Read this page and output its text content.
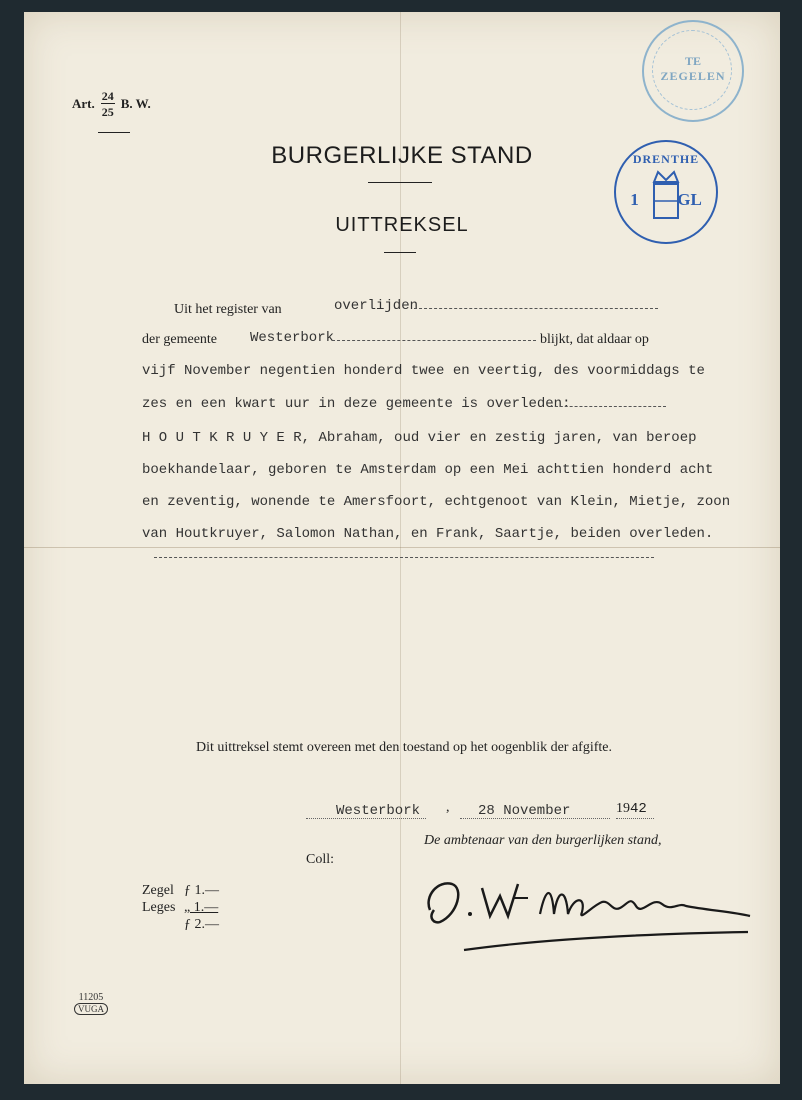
Art. $\frac{24}{25} B$. W.
BURGERLIJKE STAND
UITTREKSEL
TE
ZEGELEN
DRENTHE
1 GL
Uit het register van	overlijden
der gemeente Westerbork	blijkt, dat aldaar op
vijf November negentien honderd twee en veertig, des voormiddags te
zes en een kwart uur in deze gemeente is overleden:
H O U T K R U Y E R, Abraham, oud vier en zestig jaren, van beroep
boekhandelaar, geboren te Amsterdam op een Mei achttien honderd acht
en zeventig, wonende te Amersfoort, echtgenoot van Klein, Mietje, zoon
van Houtkruyer, Salomon Nathan, en Frank, Saartje, beiden overleden.
Dit uittreksel stemt overeen met den toestand op het oogenblik der afgifte.
Westerbork , 28 November	1942
De ambtenaar van den burgerlijken stand,
Coll:
Zegel ƒ 1.—
Leges „ 1.—
ƒ 2.—
11205
VUGA
